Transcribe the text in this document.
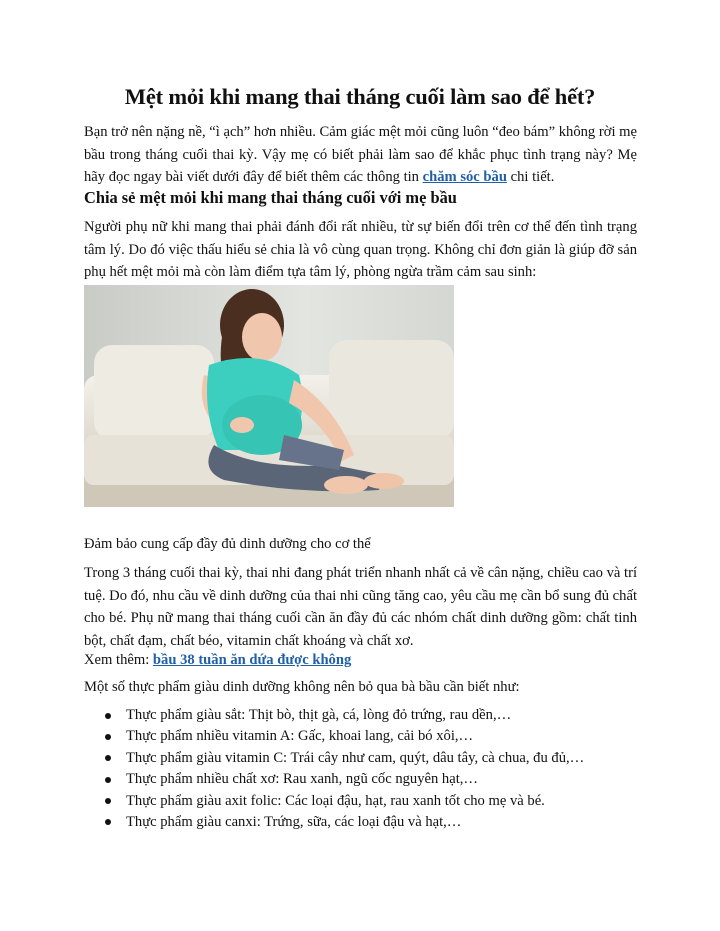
Mệt mỏi khi mang thai tháng cuối làm sao để hết?

Bạn trở nên nặng nề, “ì ạch” hơn nhiều. Cảm giác mệt mỏi cũng luôn “đeo bám” không rời mẹ bầu trong tháng cuối thai kỳ. Vậy mẹ có biết phải làm sao để khắc phục tình trạng này? Mẹ hãy đọc ngay bài viết dưới đây để biết thêm các thông tin chăm sóc bầu chi tiết.

Chia sẻ mệt mỏi khi mang thai tháng cuối với mẹ bầu

Người phụ nữ khi mang thai phải đánh đổi rất nhiều, từ sự biến đổi trên cơ thể đến tình trạng tâm lý. Do đó việc thấu hiểu sẻ chia là vô cùng quan trọng. Không chỉ đơn giản là giúp đỡ sản phụ hết mệt mỏi mà còn làm điểm tựa tâm lý, phòng ngừa trầm cảm sau sinh:

Đảm bảo cung cấp đầy đủ dinh dưỡng cho cơ thể

Trong 3 tháng cuối thai kỳ, thai nhi đang phát triển nhanh nhất cả về cân nặng, chiều cao và trí tuệ. Do đó, nhu cầu về dinh dưỡng của thai nhi cũng tăng cao, yêu cầu mẹ cần bổ sung đủ chất cho bé. Phụ nữ mang thai tháng cuối cần ăn đầy đủ các nhóm chất dinh dưỡng gồm: chất tinh bột, chất đạm, chất béo, vitamin chất khoáng và chất xơ.

Xem thêm: bầu 38 tuần ăn dứa được không

Một số thực phẩm giàu dinh dưỡng không nên bỏ qua bà bầu cần biết như:

Thực phẩm giàu sắt: Thịt bò, thịt gà, cá, lòng đỏ trứng, rau dền,…
Thực phẩm nhiều vitamin A: Gấc, khoai lang, cải bó xôi,…
Thực phẩm giàu vitamin C: Trái cây như cam, quýt, dâu tây, cà chua, đu đủ,…
Thực phẩm nhiều chất xơ: Rau xanh, ngũ cốc nguyên hạt,…
Thực phẩm giàu axit folic: Các loại đậu, hạt, rau xanh tốt cho mẹ và bé.
Thực phẩm giàu canxi: Trứng, sữa, các loại đậu và hạt,…
